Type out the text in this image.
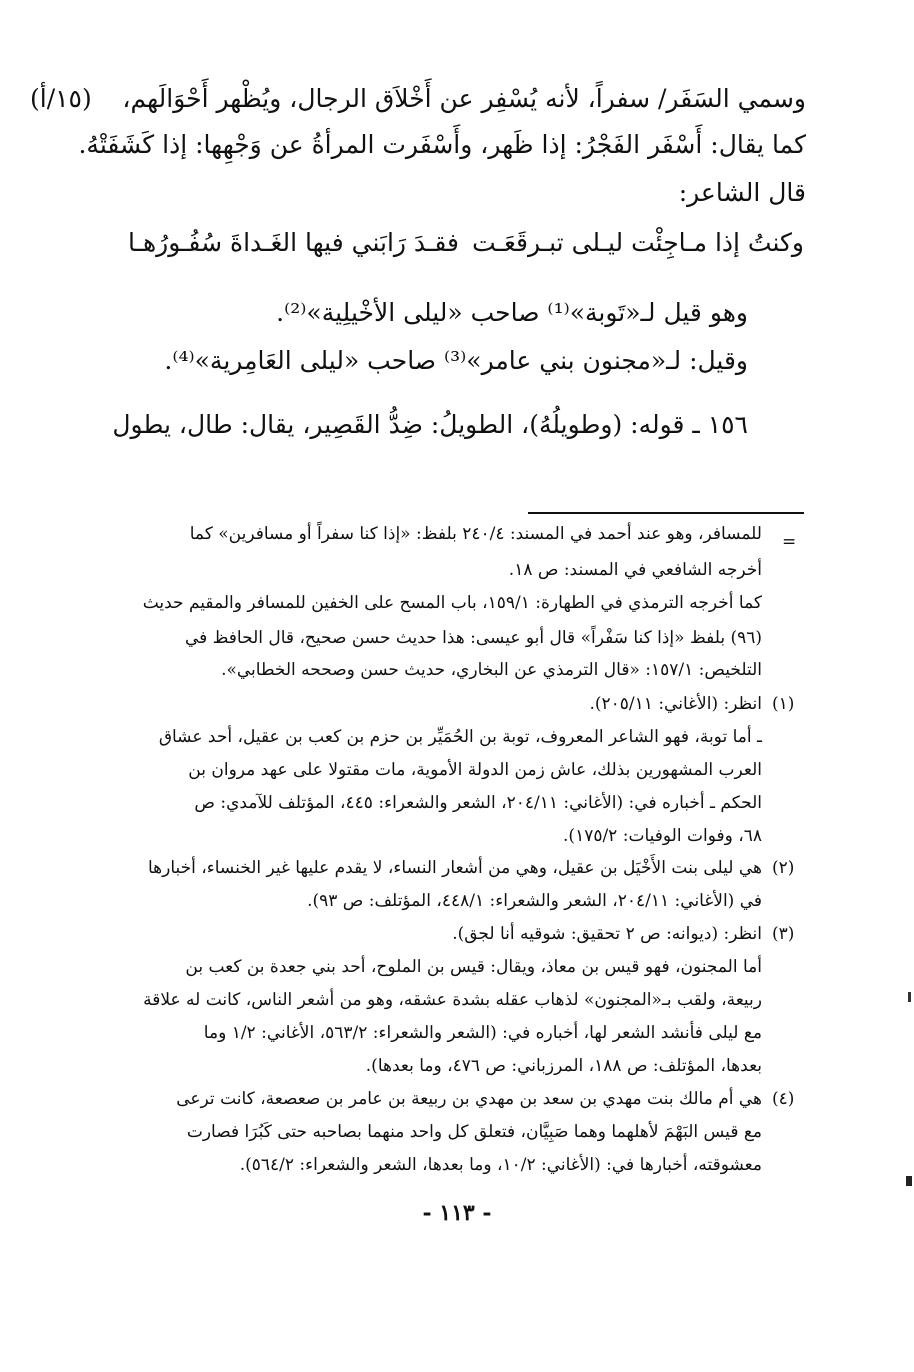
وسمي السَفَر/ سفراً، لأنه يُسْفِر عن أَخْلاَق الرجال، ويُظْهر أَحْوَالَهم،
(١٥/أ)
كما يقال: أَسْفَر الفَجْرُ: إذا ظَهر، وأَسْفَرت المرأةُ عن وَجْهِها: إذا كَشَفَتْهُ.
قال الشاعر:
وكنتُ إذا مـاجِئْت ليـلى تبـرقَعَـت
فقـدَ رَابَني فيها الغَـداةَ سُفُـورُهـا
وهو قيل لـ«تَوبة»⁽¹⁾ صاحب «ليلى الأخْيلِية»⁽²⁾.
وقيل: لـ«مجنون بني عامر»⁽³⁾ صاحب «ليلى العَامِرية»⁽⁴⁾.
١٥٦ ـ قوله: (وطويلُهُ)، الطويلُ: ضِدُّ القَصِير، يقال: طال، يطول
=
للمسافر، وهو عند أحمد في المسند: ٢٤٠/٤ بلفظ: «إذا كنا سفراً أو مسافرين» كما
أخرجه الشافعي في المسند: ص ١٨.
كما أخرجه الترمذي في الطهارة: ١٥٩/١، باب المسح على الخفين للمسافر والمقيم حديث
(٩٦) بلفظ «إذا كنا سَفْراً» قال أبو عيسى: هذا حديث حسن صحيح، قال الحافظ في
التلخيص: ١٥٧/١: «قال الترمذي عن البخاري، حديث حسن وصححه الخطابي».
(١)
انظر: (الأغاني: ٢٠٥/١١).
ـ أما توبة، فهو الشاعر المعروف، توبة بن الحُمَيِّر بن حزم بن كعب بن عقيل، أحد عشاق
العرب المشهورين بذلك، عاش زمن الدولة الأموية، مات مقتولا على عهد مروان بن
الحكم ـ أخباره في: (الأغاني: ٢٠٤/١١، الشعر والشعراء: ٤٤٥، المؤتلف للآمدي: ص
٦٨، وفوات الوفيات: ١٧٥/٢).
(٢)
هي ليلى بنت الأَخْيَل بن عقيل، وهي من أشعار النساء، لا يقدم عليها غير الخنساء، أخبارها
في (الأغاني: ٢٠٤/١١، الشعر والشعراء: ٤٤٨/١، المؤتلف: ص ٩٣).
(٣)
انظر: (ديوانه: ص ٢ تحقيق: شوقيه أنا لجق).
أما المجنون، فهو قيس بن معاذ، ويقال: قيس بن الملوح، أحد بني جعدة بن كعب بن
ربيعة، ولقب بـ«المجنون» لذهاب عقله بشدة عشقه، وهو من أشعر الناس، كانت له علاقة
مع ليلى فأنشد الشعر لها، أخباره في: (الشعر والشعراء: ٥٦٣/٢، الأغاني: ١/٢ وما
بعدها، المؤتلف: ص ١٨٨، المرزباني: ص ٤٧٦، وما بعدها).
(٤)
هي أم مالك بنت مهدي بن سعد بن مهدي بن ربيعة بن عامر بن صعصعة، كانت ترعى
مع قيس البَهْمَ لأهلهما وهما صَبِيَّان، فتعلق كل واحد منهما بصاحبه حتى كَبُرَا فصارت
معشوقته، أخبارها في: (الأغاني: ١٠/٢، وما بعدها، الشعر والشعراء: ٥٦٤/٢).
- ١١٣ -
